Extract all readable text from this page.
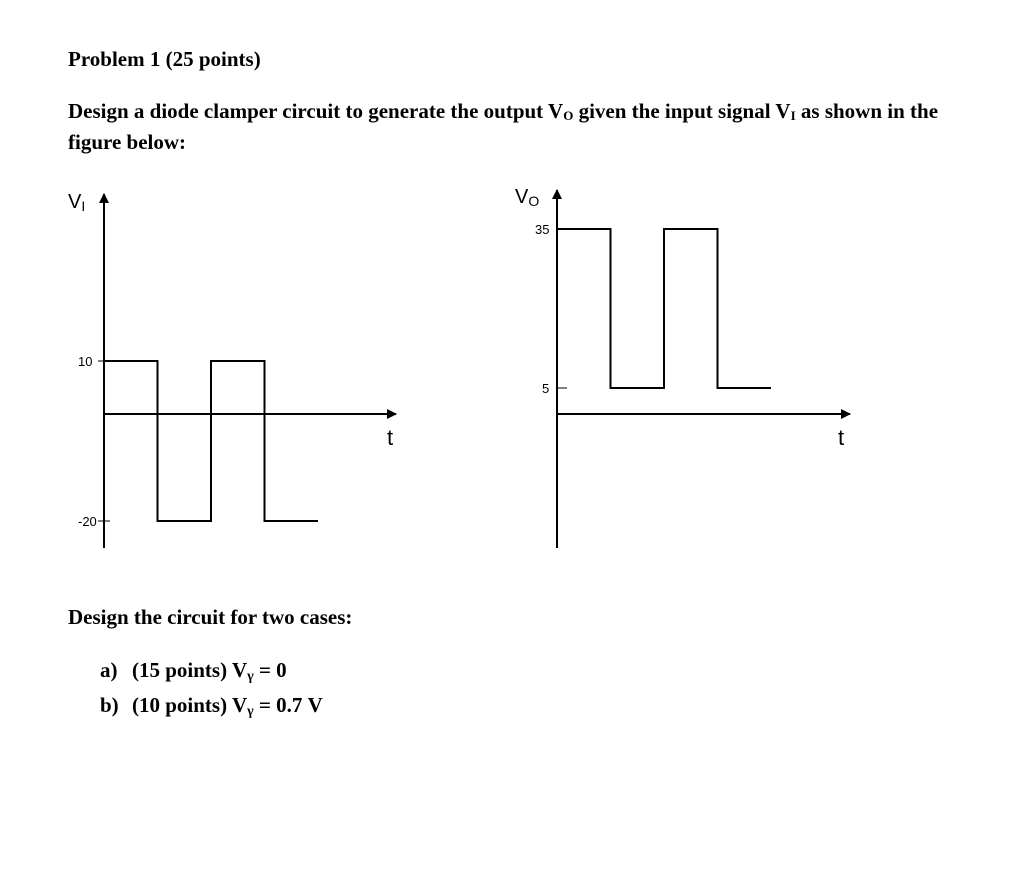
Problem 1 (25 points)

Design a diode clamper circuit to generate the output $V_O$ given the input signal $V_I$ as shown in the figure below:

VI
t
10
-20
VO
t
35
5
Design the circuit for two cases:
a) (15 points) $V_\gamma = 0$
b) (10 points) $V_\gamma = 0.7$ V
